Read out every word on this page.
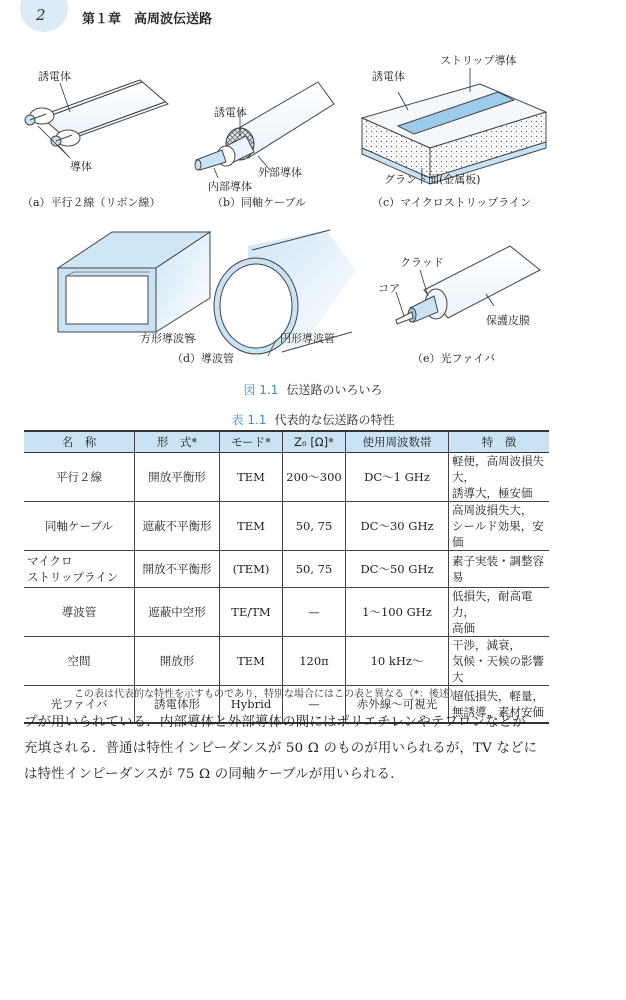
2	第１章　高周波伝送路
誘電体
導体
（a）平行２線（リボン線）
誘電体
外部導体
内部導体
（b）同軸ケーブル
ストリップ導体
誘電体
グランド面(金属板)
（c）マイクロストリップライン
方形導波管	円形導波管
（d）導波管
クラッド
コア
保護皮膜
（e）光ファイバ
図 1.1 伝送路のいろいろ
表 1.1 代表的な伝送路の特性
名　称	形　式*	モード*	Z₀ [Ω]*	使用周波数帯	特　徴
平行２線	開放平衡形	TEM	200～300	DC～1 GHz	軽便，高周波損失大，
誘導大，極安価

同軸ケーブル	遮蔽不平衡形	TEM	50, 75	DC～30 GHz	高周波損失大，
シールド効果，安価

マイクロ
ストリップライン	開放不平衡形	(TEM)	50, 75	DC～50 GHz	素子実装・調整容易

導波管	遮蔽中空形	TE/TM	—	1～100 GHz	低損失，耐高電力，
高価

空間	開放形	TEM	120π	10 kHz～	干渉，減衰，
気候・天候の影響大

光ファイバ	誘電体形	Hybrid	—	赤外線～可視光	超低損失，軽量，
無誘導，素材安価
この表は代表的な特性を示すものであり，特別な場合にはこの表と異なる（*：後述）.

プが用いられている．内部導体と外部導体の間にはポリエチレンやテフロンなどが

充填される．普通は特性インピーダンスが 50 Ω のものが用いられるが，TV などに

は特性インピーダンスが 75 Ω の同軸ケーブルが用いられる．
